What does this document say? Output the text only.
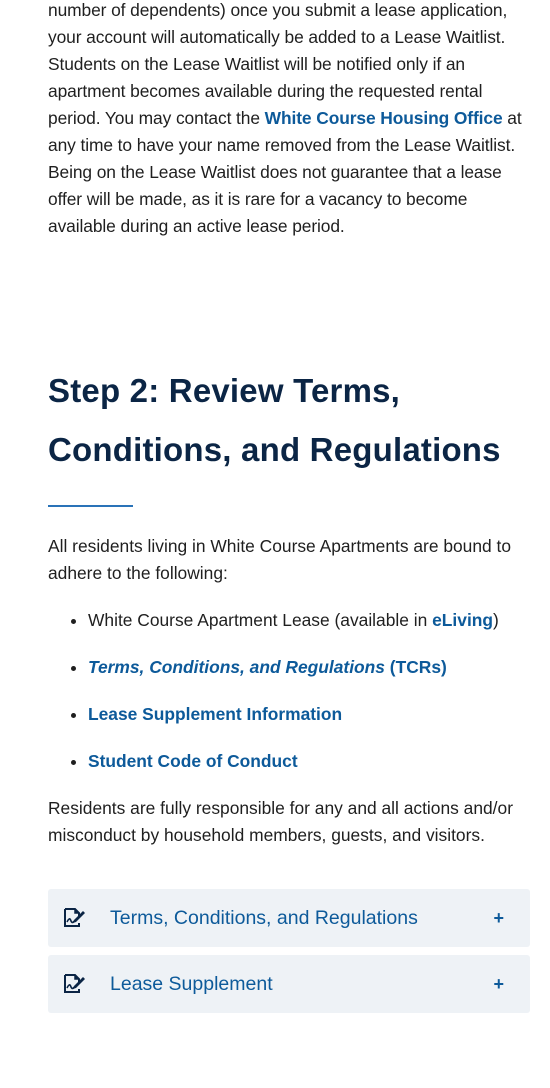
number of dependents) once you submit a lease application, your account will automatically be added to a Lease Waitlist. Students on the Lease Waitlist will be notified only if an apartment becomes available during the requested rental period. You may contact the White Course Housing Office at any time to have your name removed from the Lease Waitlist. Being on the Lease Waitlist does not guarantee that a lease offer will be made, as it is rare for a vacancy to become available during an active lease period.

Step 2: Review Terms, Conditions, and Regulations

All residents living in White Course Apartments are bound to adhere to the following:

• White Course Apartment Lease (available in eLiving)
• Terms, Conditions, and Regulations (TCRs)
• Lease Supplement Information
• Student Code of Conduct

Residents are fully responsible for any and all actions and/or misconduct by household members, guests, and visitors.

Terms, Conditions, and Regulations	+
Lease Supplement	+
